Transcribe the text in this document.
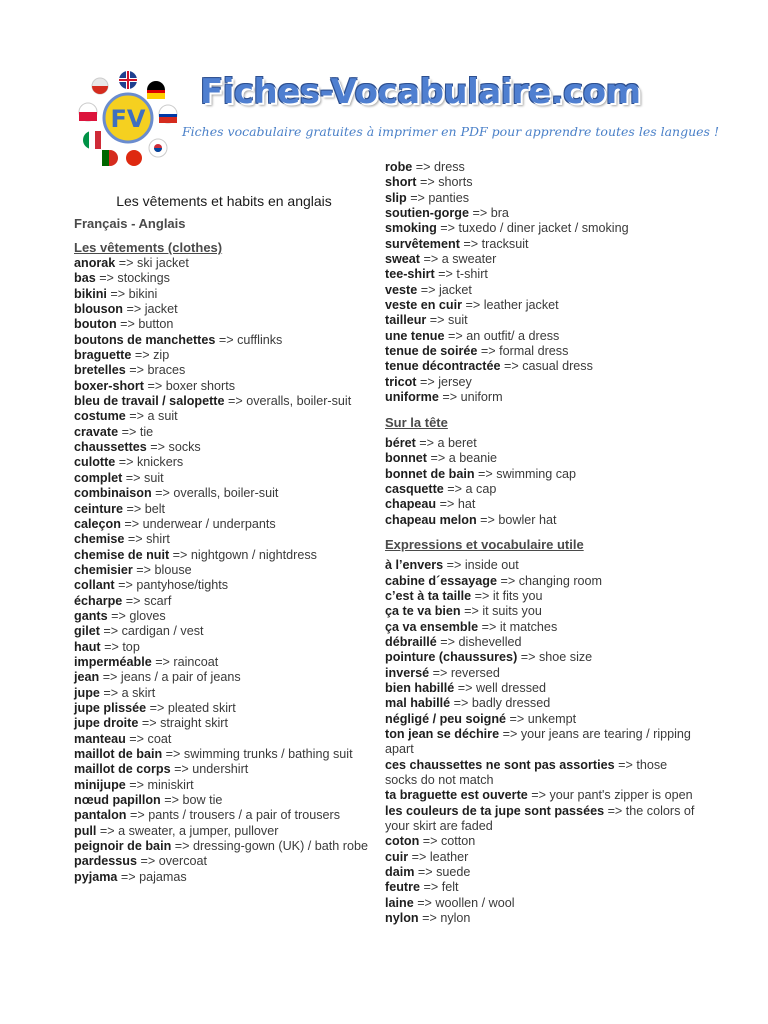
FV
Fiches-Vocabulaire.com
Fiches vocabulaire gratuites à imprimer en PDF pour apprendre toutes les langues !
Les vêtements et habits en anglais
Français - Anglais
Les vêtements (clothes)
anorak => ski jacket
bas => stockings
bikini => bikini
blouson => jacket
bouton => button
boutons de manchettes => cufflinks
braguette => zip
bretelles => braces
boxer-short => boxer shorts
bleu de travail / salopette => overalls, boiler-suit
costume => a suit
cravate => tie
chaussettes => socks
culotte => knickers
complet => suit
combinaison => overalls, boiler-suit
ceinture => belt
caleçon => underwear / underpants
chemise => shirt
chemise de nuit => nightgown / nightdress
chemisier => blouse
collant => pantyhose/tights
écharpe => scarf
gants => gloves
gilet => cardigan / vest
haut => top
imperméable => raincoat
jean => jeans / a pair of jeans
jupe => a skirt
jupe plissée => pleated skirt
jupe droite => straight skirt
manteau => coat
maillot de bain => swimming trunks / bathing suit
maillot de corps => undershirt
minijupe => miniskirt
nœud papillon => bow tie
pantalon => pants / trousers / a pair of trousers
pull => a sweater, a jumper, pullover
peignoir de bain => dressing-gown (UK) / bath robe
pardessus => overcoat
pyjama => pajamas
robe => dress
short => shorts
slip => panties
soutien-gorge => bra
smoking => tuxedo / diner jacket / smoking
survêtement => tracksuit
sweat => a sweater
tee-shirt => t-shirt
veste => jacket
veste en cuir => leather jacket
tailleur => suit
une tenue => an outfit/ a dress
tenue de soirée => formal dress
tenue décontractée => casual dress
tricot => jersey
uniforme => uniform
Sur la tête
béret => a beret
bonnet => a beanie
bonnet de bain => swimming cap
casquette => a cap
chapeau => hat
chapeau melon => bowler hat
Expressions et vocabulaire utile
à l’envers => inside out
cabine d´essayage => changing room
c’est à ta taille => it fits you
ça te va bien => it suits you
ça va ensemble => it matches
débraillé => dishevelled
pointure (chaussures) => shoe size
inversé => reversed
bien habillé => well dressed
mal habillé => badly dressed
négligé / peu soigné => unkempt
ton jean se déchire => your jeans are tearing / ripping apart
ces chaussettes ne sont pas assorties => those socks do not match
ta braguette est ouverte => your pant's zipper is open
les couleurs de ta jupe sont passées => the colors of your skirt are faded
coton => cotton
cuir => leather
daim => suede
feutre => felt
laine => woollen / wool
nylon => nylon
